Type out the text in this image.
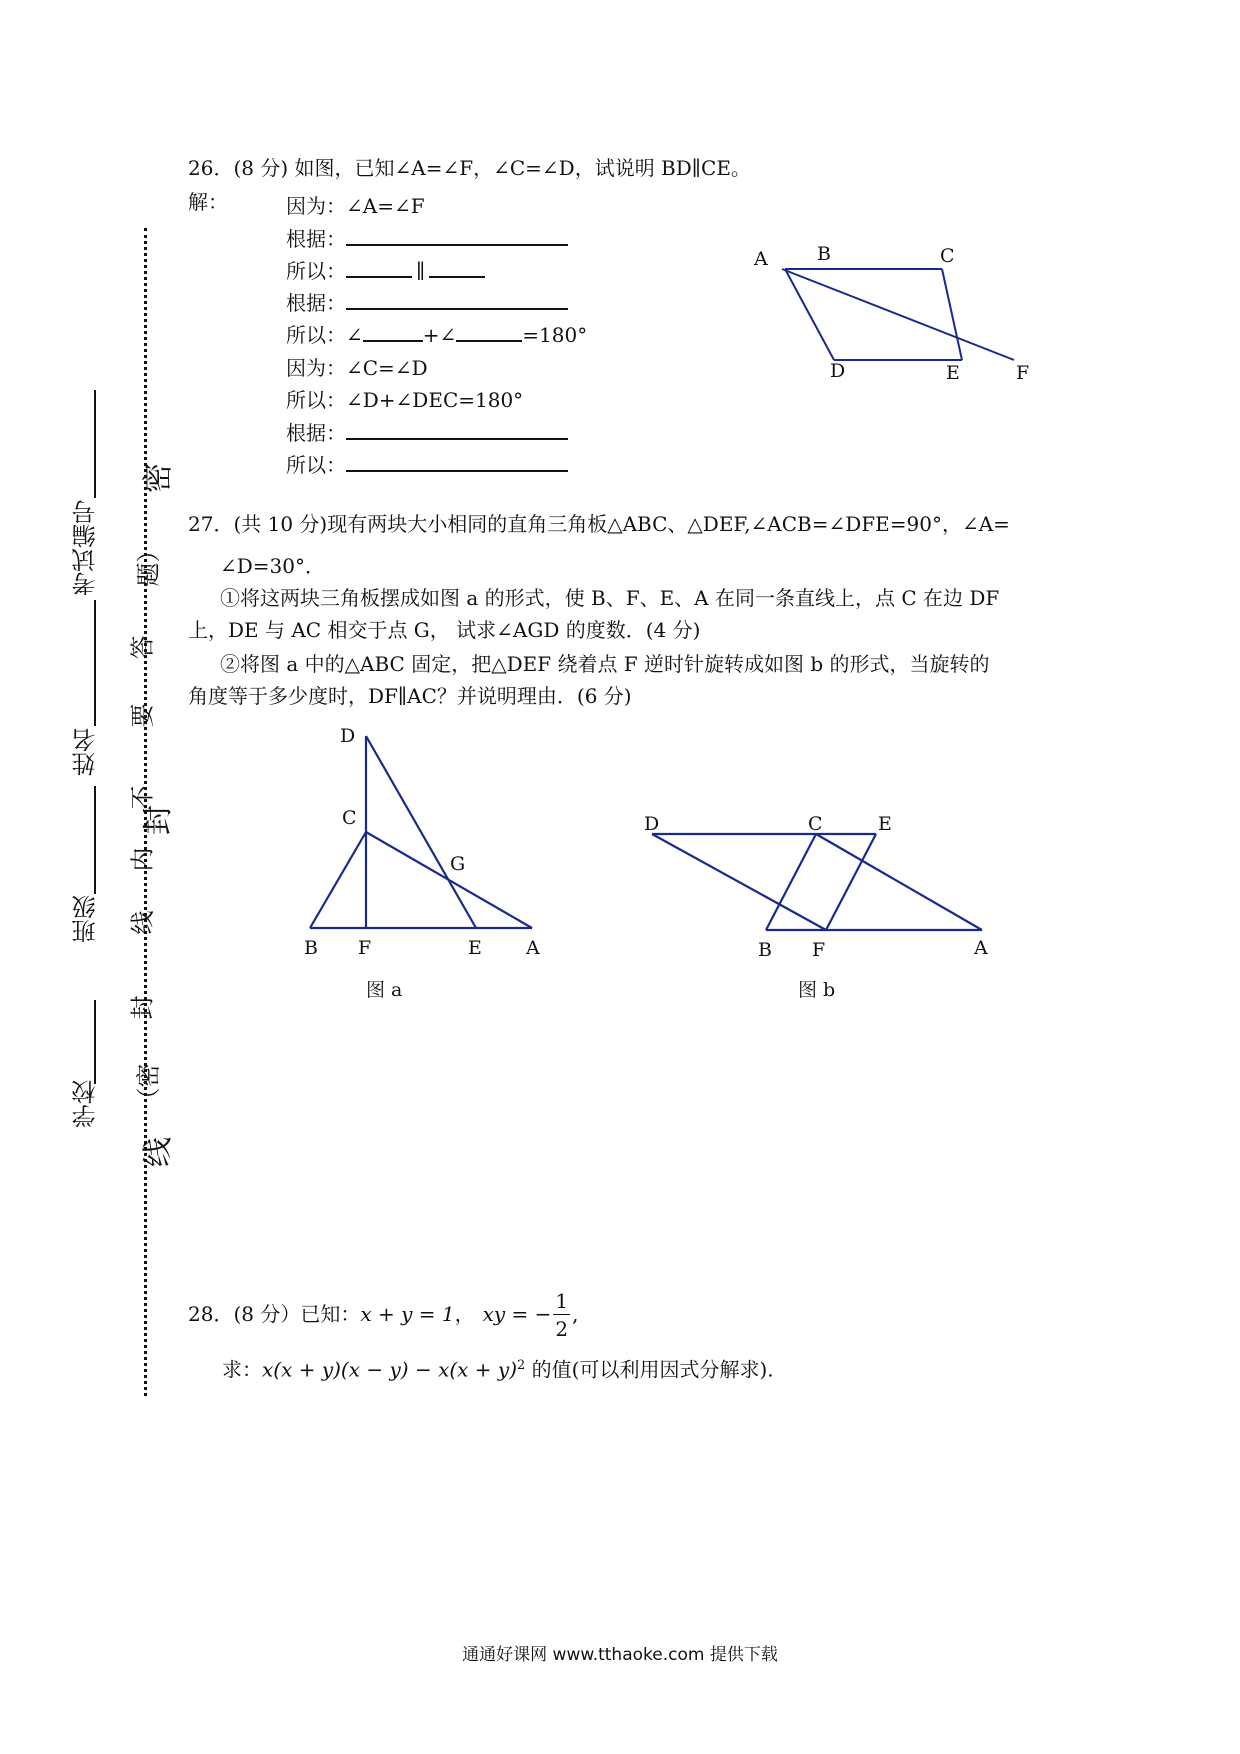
学校
班级
姓名
考试编号
（密
封
线
内
不
要
答
题）
密
封
线
26．(8 分) 如图，已知∠A=∠F，∠C=∠D，试说明 BD∥CE。
解：	因为：∠A=∠F
根据：
所以：	∥
根据：
所以：∠	+∠	=180°
因为：∠C=∠D
所以：∠D+∠DEC=180°
根据：
所以：
A	B	C
D	E	F
27．(共 10 分)现有两块大小相同的直角三角板△ABC、△DEF,∠ACB=∠DFE=90°，∠A=
∠D=30°．
①将这两块三角板摆成如图 a 的形式，使 B、F、E、A 在同一条直线上，点 C 在边 DF
上，DE 与 AC 相交于点 G， 试求∠AGD 的度数．(4 分)
②将图 a 中的△ABC 固定，把△DEF 绕着点 F 逆时针旋转成如图 b 的形式，当旋转的
角度等于多少度时，DF∥AC？并说明理由．(6 分)
D
C
G
B F	E A
图 a
D	C	E
B F	A
图 b
28．(8 分）已知：x + y = 1， xy = − $\frac{1}{2}$ ,
求：$x(x + y)(x - y) - x(x + y)^2$ 的值(可以利用因式分解求).
通通好课网 www.tthaoke.com 提供下载
